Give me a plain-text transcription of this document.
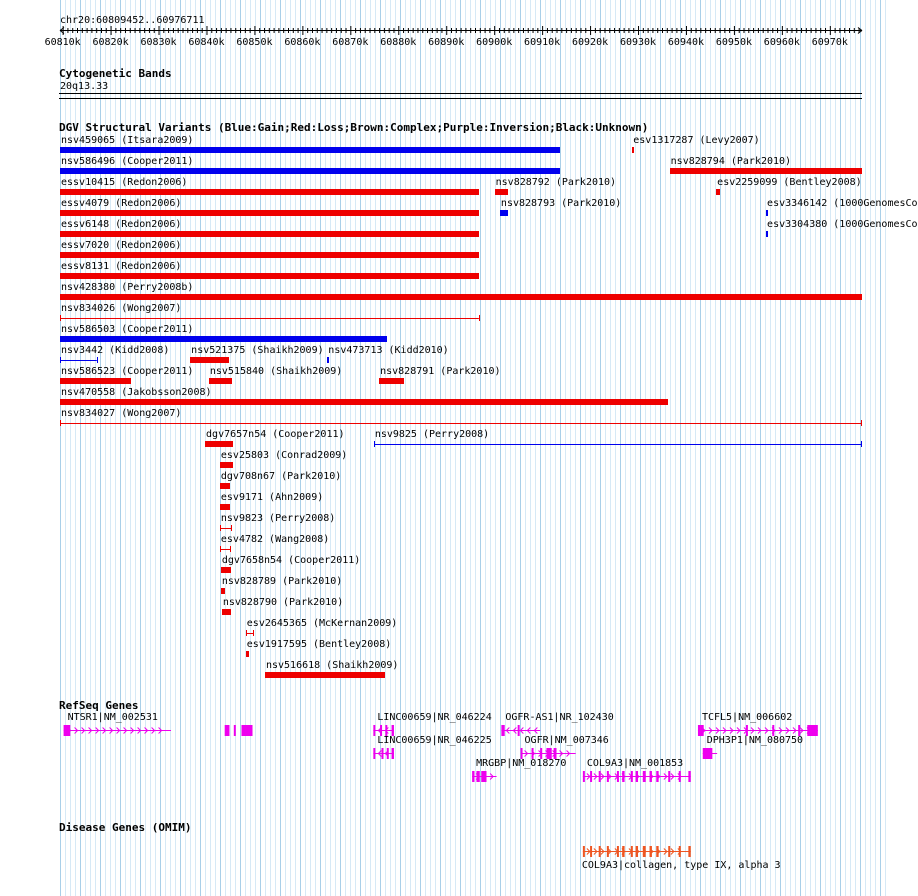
chr20:60809452..60976711
60810k 60820k 60830k 60840k 60850k 60860k 60870k 60880k 60890k 60900k 60910k 60920k 60930k 60940k 60950k 60960k 60970k
Cytogenetic Bands
20q13.33
DGV Structural Variants (Blue:Gain;Red:Loss;Brown:Complex;Purple:Inversion;Black:Unknown)
nsv459065 (Itsara2009)	esv1317287 (Levy2007)
nsv586496 (Cooper2011)	nsv828794 (Park2010)
essv10415 (Redon2006)	nsv828792 (Park2010)	esv2259099 (Bentley2008)
essv4079 (Redon2006)	nsv828793 (Park2010)	esv3346142 (1000GenomesCo
essv6148 (Redon2006)	esv3304380 (1000GenomesCo
essv7020 (Redon2006)
essv8131 (Redon2006)
nsv428380 (Perry2008b)
nsv834026 (Wong2007)
nsv586503 (Cooper2011)
nsv3442 (Kidd2008) nsv521375 (Shaikh2009) nsv473713 (Kidd2010)
nsv586523 (Cooper2011) nsv515840 (Shaikh2009)	nsv828791 (Park2010)
nsv470558 (Jakobsson2008)
nsv834027 (Wong2007)
dgv7657n54 (Cooper2011)	nsv9825 (Perry2008)
esv25803 (Conrad2009)
dgv708n67 (Park2010)
esv9171 (Ahn2009)
nsv9823 (Perry2008)
esv4782 (Wang2008)
dgv7658n54 (Cooper2011)
nsv828789 (Park2010)
nsv828790 (Park2010)
esv2645365 (McKernan2009)
esv1917595 (Bentley2008)
nsv516618 (Shaikh2009)
RefSeq Genes
NTSR1|NM_002531	LINC00659|NR_046224 OGFR-AS1|NR_102430	TCFL5|NM_006602
LINC00659|NR_046225	OGFR|NM_007346	DPH3P1|NM_080750
MRGBP|NM_018270 COL9A3|NM_001853
Disease Genes (OMIM)
COL9A3|collagen, type IX, alpha 3
